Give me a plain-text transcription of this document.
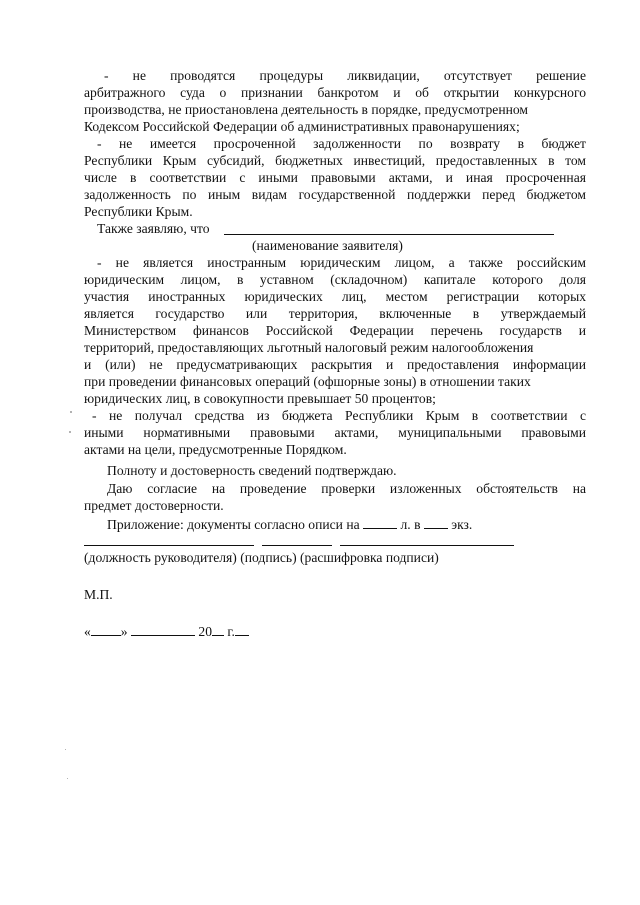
- не проводятся процедуры ликвидации, отсутствует решение
арбитражного суда о признании банкротом и об открытии конкурсного
производства, не приостановлена деятельность в порядке, предусмотренном
Кодексом Российской Федерации об административных правонарушениях;
- не имеется просроченной задолженности по возврату в бюджет
Республики Крым субсидий, бюджетных инвестиций, предоставленных в том
числе в соответствии с иными правовыми актами, и иная просроченная
задолженность по иным видам государственной поддержки перед бюджетом
Республики Крым.
Также заявляю, что
(наименование заявителя)
- не является иностранным юридическим лицом, а также российским
юридическим лицом, в уставном (складочном) капитале которого доля
участия иностранных юридических лиц, местом регистрации которых
является государство или территория, включенные в утверждаемый
Министерством финансов Российской Федерации перечень государств и
территорий, предоставляющих льготный налоговый режим налогообложения
и (или) не предусматривающих раскрытия и предоставления информации
при проведении финансовых операций (офшорные зоны) в отношении таких
юридических лиц, в совокупности превышает 50 процентов;
- не получал средства из бюджета Республики Крым в соответствии с
иными нормативными правовыми актами, муниципальными правовыми
актами на цели, предусмотренные Порядком.
Полноту и достоверность сведений подтверждаю.
Даю согласие на проведение проверки изложенных обстоятельств на
предмет достоверности.
Приложение: документы согласно описи на	л. в экз.
(должность руководителя) (подпись) (расшифровка подписи)
М.П.
« »	20 г.
